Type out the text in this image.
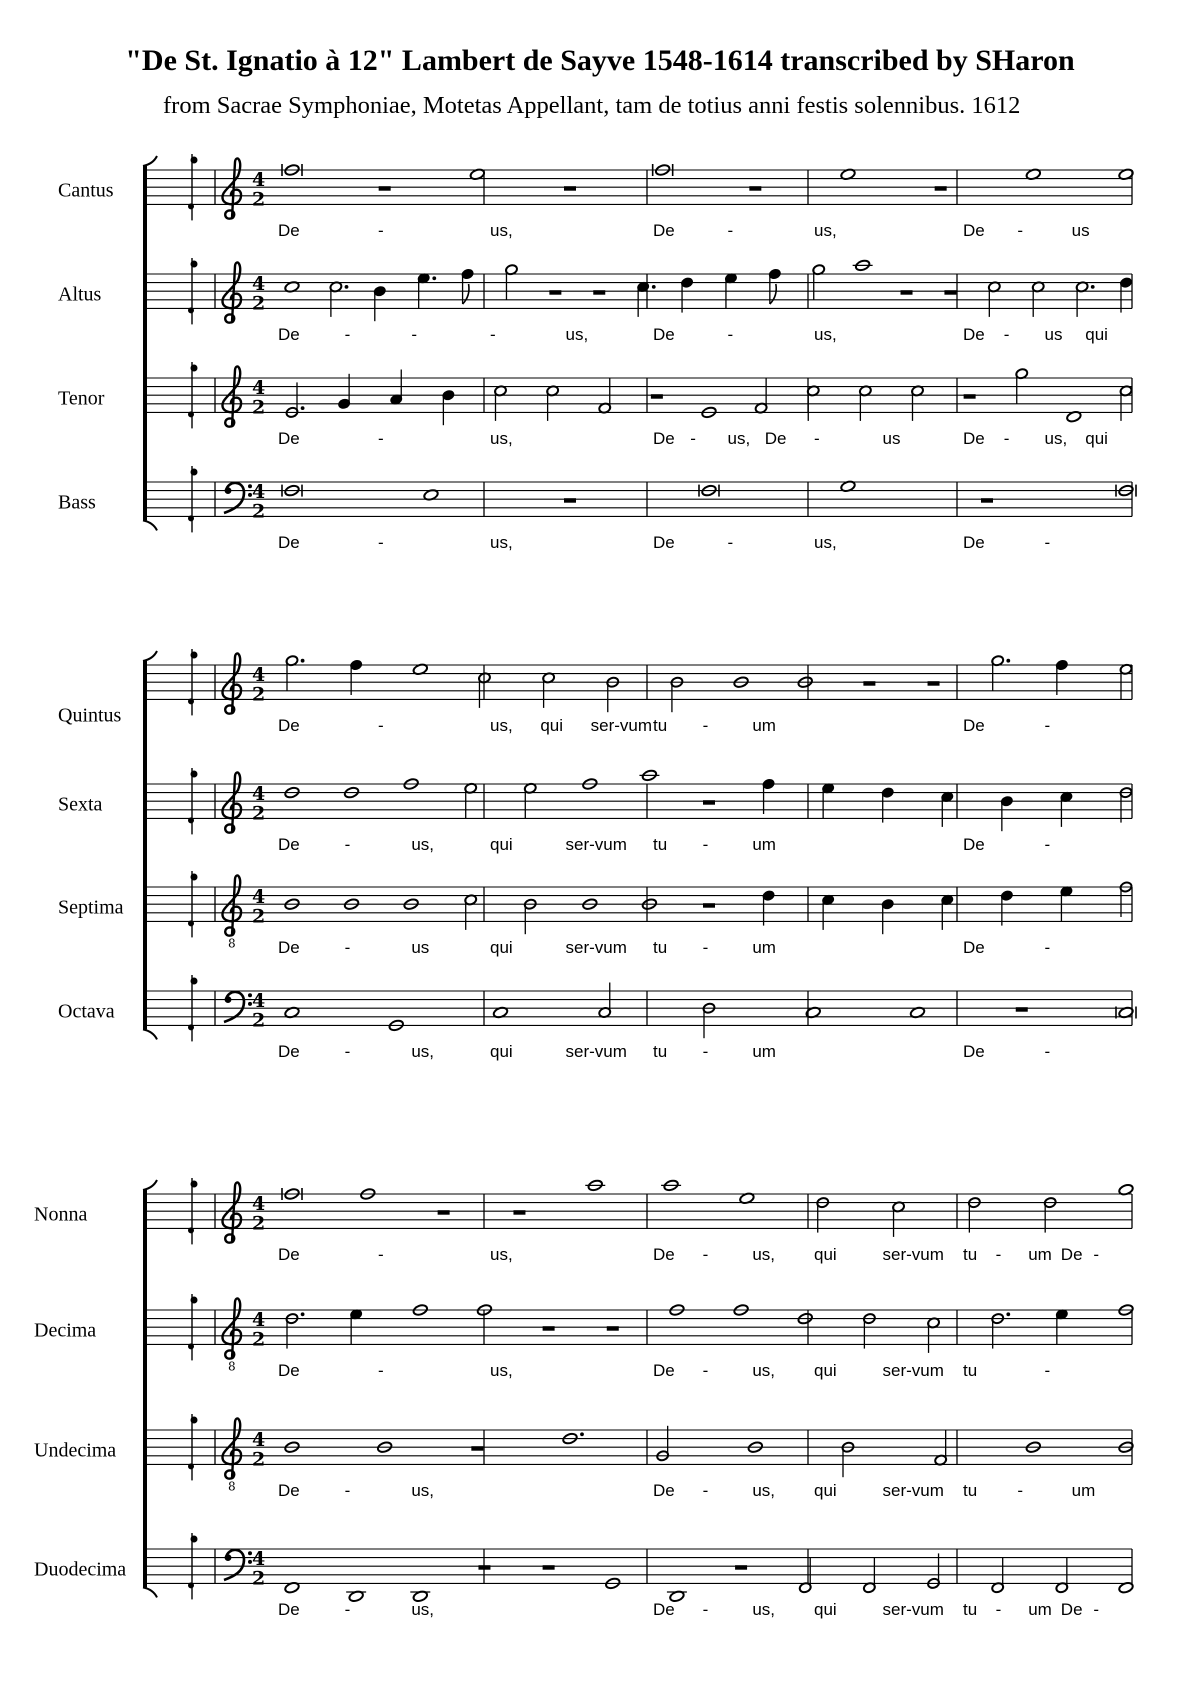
"De St. Ignatio à 12" Lambert de Sayve 1548-1614 transcribed by SHaron
from Sacrae Symphoniae, Motetas Appellant, tam de totius anni festis solennibus. 1612
Cantus	4
2
De	-	us,	De	-	us,	De -	us
Altus	4
2
De	-	-	-	us,	De	-	us,	De - us qui
Tenor	4
2
De	-	us,	De - us, De -	us	De - us, qui
Bass	4
2
De	-	us,	De	-	us,	De	-
Quintus
4
2
De	-	us, qui ser-vum tu -	um	De	-
Sexta	4
2
De	-	us,	qui	ser-vum tu -	um	De	-
Septima	4
2
De	-	us	qui	ser-vum tu -	um	De	-
8
Octava	4
2
De	-	us,	qui	ser-vum tu -	um	De	-
Nonna	4
2
De	-	us,	De -	us, qui	ser-vum tu - um De -
Decima	4
2
De	-	us,	De -	us, qui	ser-vum tu	-
8
Undecima	4
2
De	-	us,	De -	us, qui	ser-vum tu -	um
8
Duodecima	4
2
De	-	us,	De -	us, qui	ser-vum tu - um De -
